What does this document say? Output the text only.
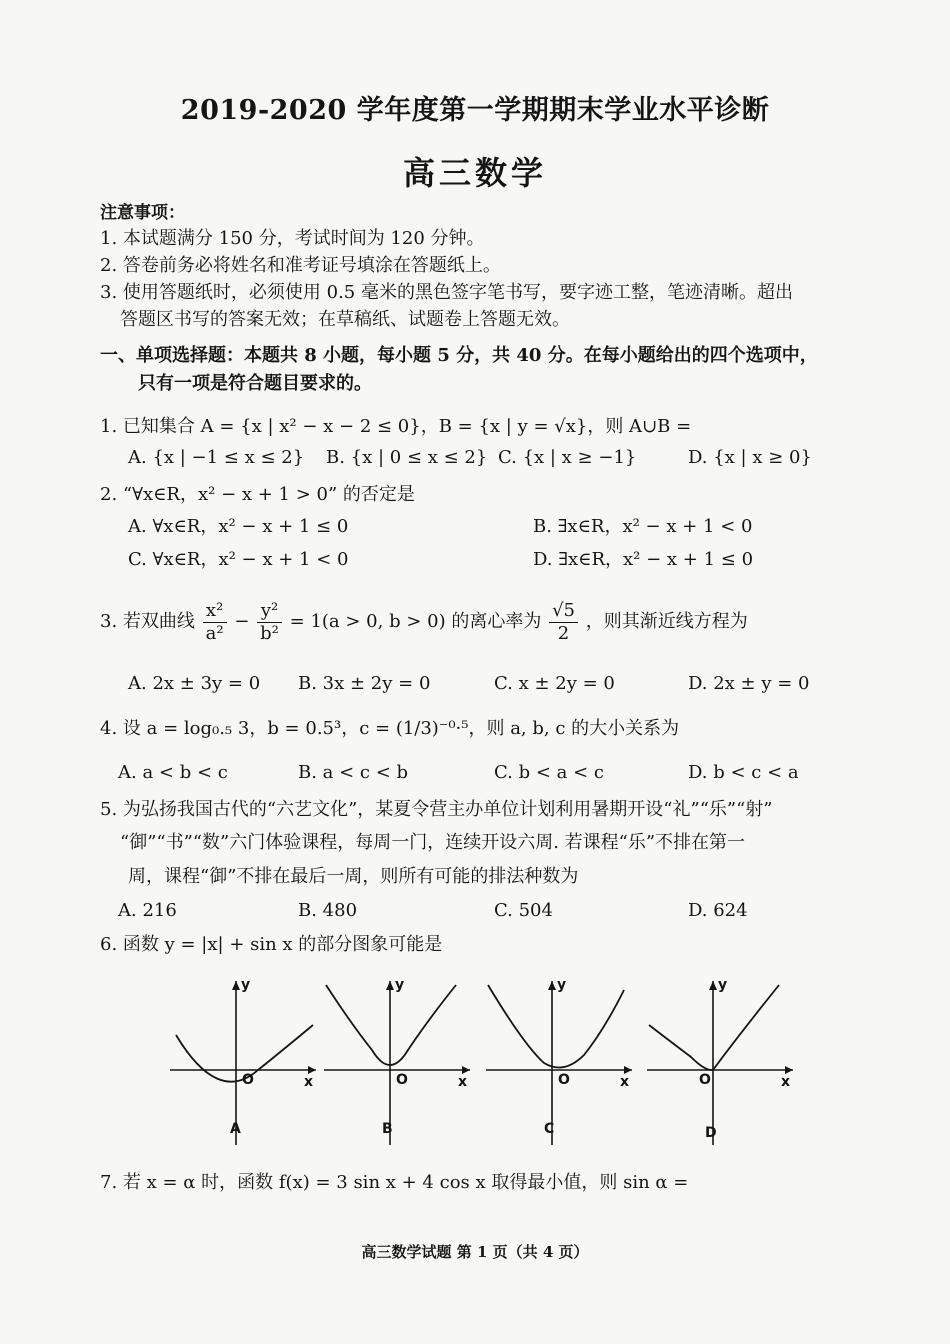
2019-2020 学年度第一学期期末学业水平诊断
高三数学
注意事项：
1. 本试题满分 150 分，考试时间为 120 分钟。
2. 答卷前务必将姓名和准考证号填涂在答题纸上。
3. 使用答题纸时，必须使用 0.5 毫米的黑色签字笔书写，要字迹工整，笔迹清晰。超出
答题区书写的答案无效；在草稿纸、试题卷上答题无效。
一、单项选择题：本题共 8 小题，每小题 5 分，共 40 分。在每小题给出的四个选项中，
只有一项是符合题目要求的。
1. 已知集合 A = {x | x² − x − 2 ≤ 0}，B = {x | y = √x}，则 A∪B =
A. {x | −1 ≤ x ≤ 2} B. {x | 0 ≤ x ≤ 2} C. {x | x ≥ −1}	D. {x | x ≥ 0}
2. “∀x∈R，x² − x + 1 > 0” 的否定是
A. ∀x∈R，x² − x + 1 ≤ 0	B. ∃x∈R，x² − x + 1 < 0
C. ∀x∈R，x² − x + 1 < 0	D. ∃x∈R，x² − x + 1 ≤ 0
3. 若双曲线 $\frac{\text{x²}}{\text{a²}} - \frac{\text{y²}}{\text{b²}} = 1(a > 0$, b > 0) 的离心率为 $\frac{√5}{2}$ ，则其渐近线方程为
A. 2x ± 3y = 0 B. 3x ± 2y = 0	C. x ± 2y = 0	D. 2x ± y = 0
4. 设 a = log₀.₅ 3，b = 0.5³，c = (1/3)⁻⁰·⁵，则 a, b, c 的大小关系为
A. a < b < c	B. a < c < b	C. b < a < c	D. b < c < a
5. 为弘扬我国古代的“六艺文化”，某夏令营主办单位计划利用暑期开设“礼”“乐”“射”
“御”“书”“数”六门体验课程，每周一门，连续开设六周. 若课程“乐”不排在第一
周，课程“御”不排在最后一周，则所有可能的排法种数为
A. 216	B. 480	C. 504	D. 624
6. 函数 y = |x| + sin x 的部分图象可能是
y
O	x
A
y
O	x
B
y
O	x
C
y
O	x
D
7. 若 x = α 时，函数 f(x) = 3 sin x + 4 cos x 取得最小值，则 sin α =
高三数学试题 第 1 页（共 4 页）
